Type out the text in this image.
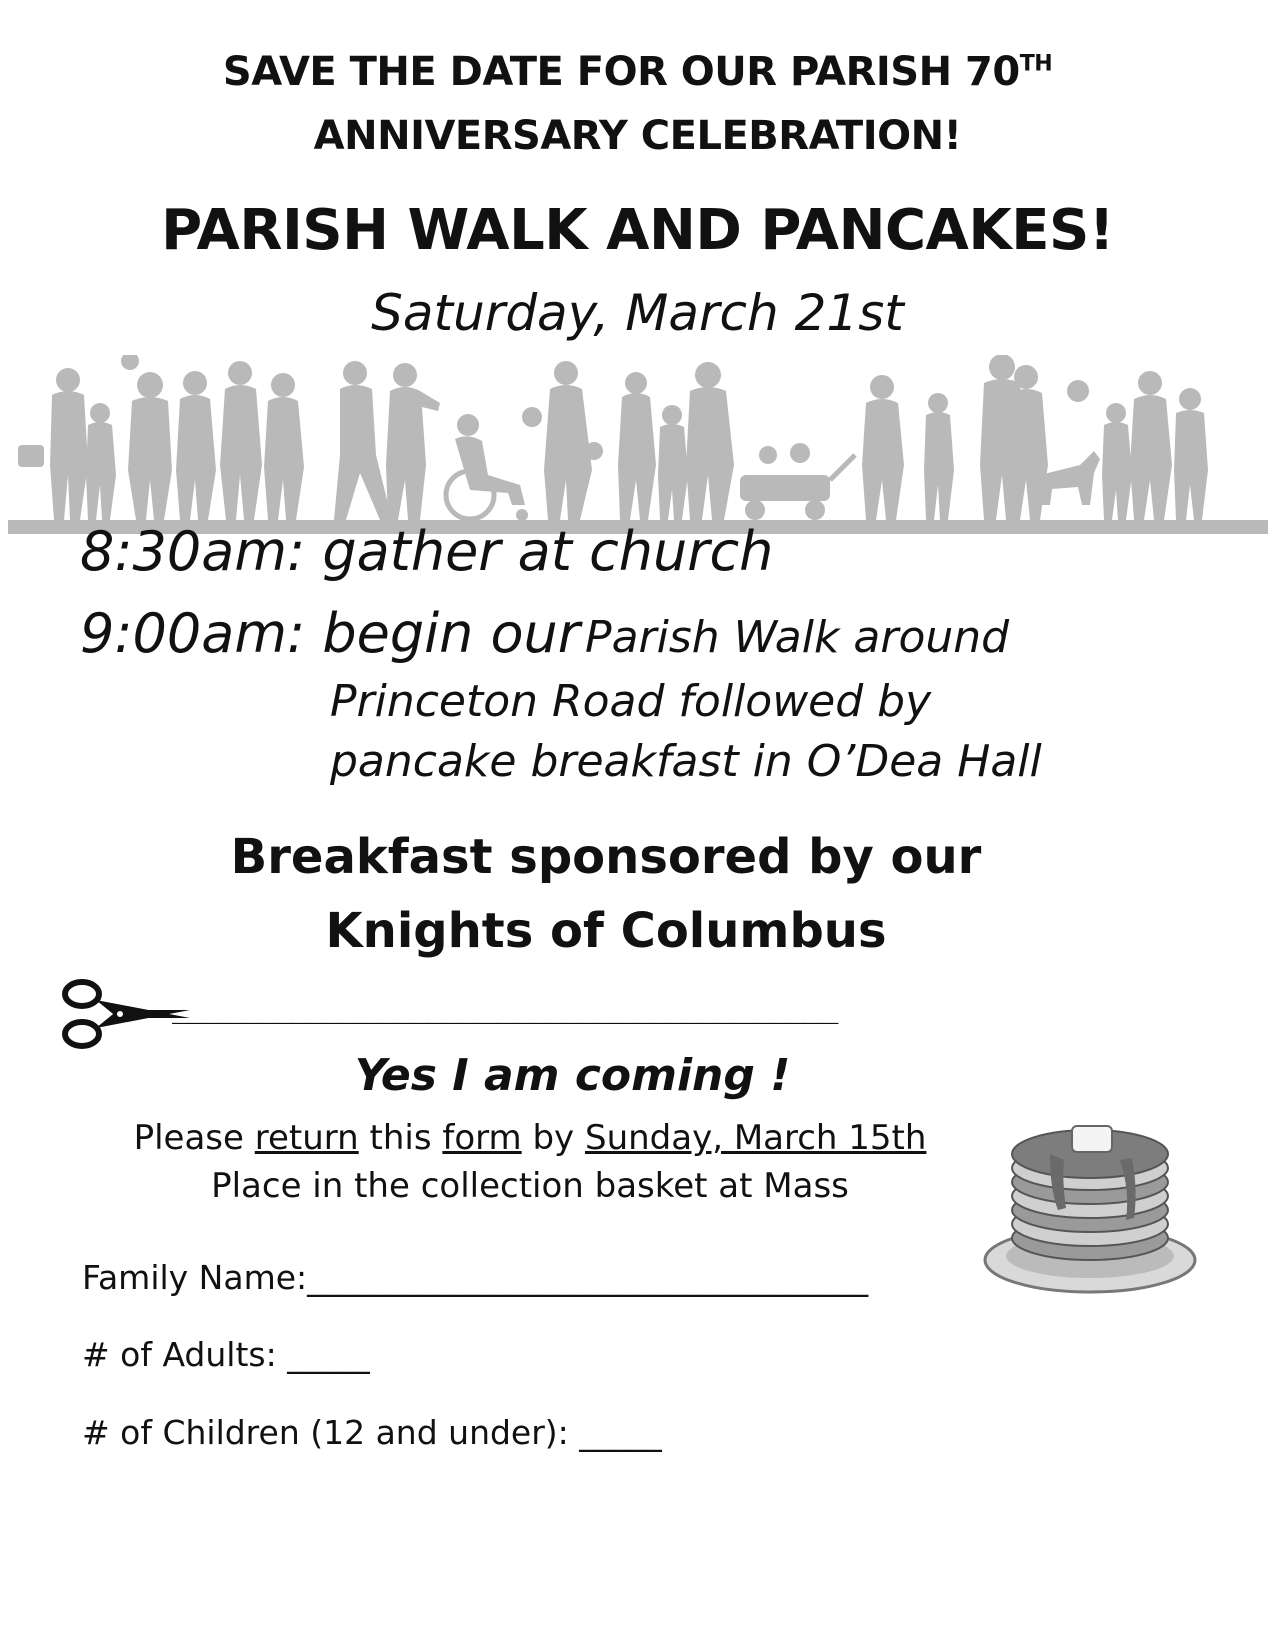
SAVE THE DATE FOR OUR PARISH 70TH
ANNIVERSARY CELEBRATION!
PARISH WALK AND PANCAKES!
Saturday, March 21st
8:30am: gather at church
9:00am: begin our Parish Walk around
Princeton Road followed by
pancake breakfast in O’Dea Hall
Breakfast sponsored by our
Knights of Columbus
_______________________________________
Yes I am coming !
Please return this form by Sunday, March 15th
Place in the collection basket at Mass
Family Name:__________________________________
# of Adults: _____
# of Children (12 and under): _____
